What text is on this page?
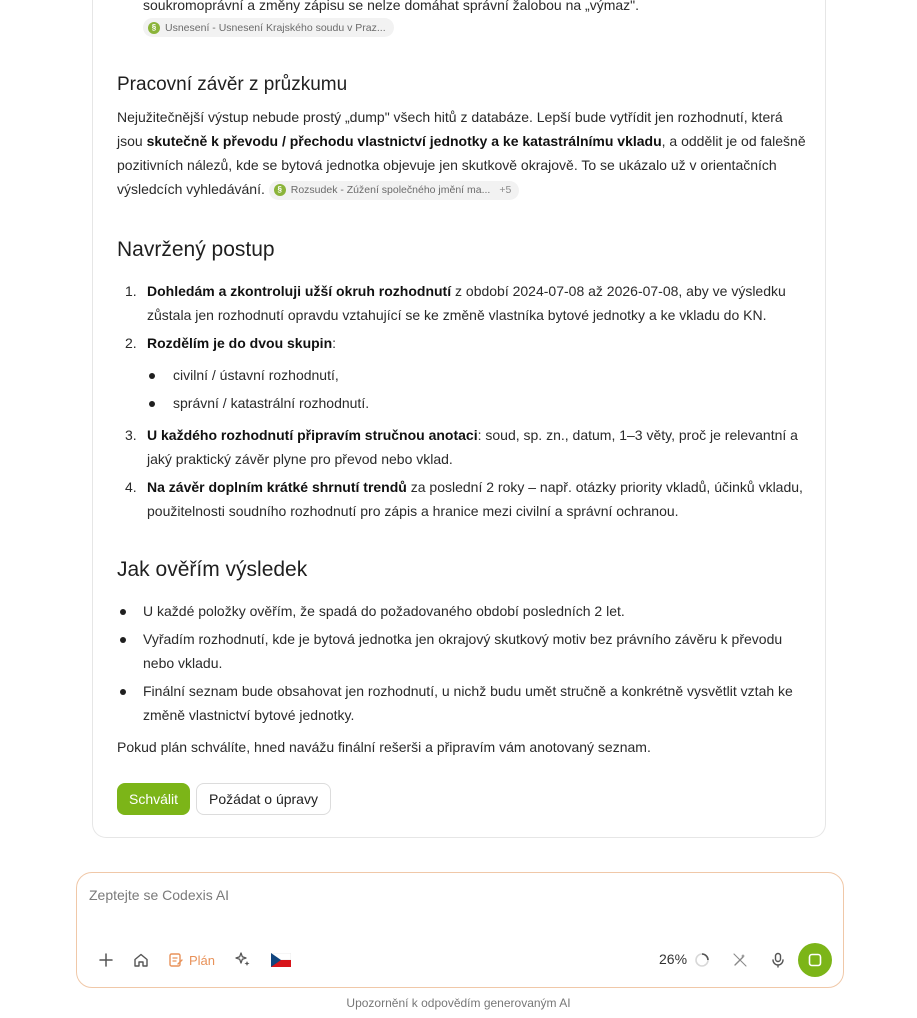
soukromoprávní a změny zápisu se nelze domáhat správní žalobou na „výmaz".
§ Usnesení - Usnesení Krajského soudu v Praz...
Pracovní závěr z průzkumu

Nejužitečnější výstup nebude prostý „dump" všech hitů z databáze. Lepší bude vytřídit jen rozhodnutí, která jsou skutečně k převodu / přechodu vlastnictví jednotky a ke katastrálnímu vkladu, a oddělit je od falešně pozitivních nálezů, kde se bytová jednotka objevuje jen skutkově okrajově. To se ukázalo už v orientačních výsledcích vyhledávání.	§ Rozsudek - Zúžení společného jmění ma... +5

Navržený postup
1. Dohledám a zkontroluji užší okruh rozhodnutí z období 2024-07-08 až 2026-07-08, aby ve výsledku zůstala jen rozhodnutí opravdu vztahující se ke změně vlastníka bytové jednotky a ke vkladu do KN.
2. Rozdělím je do dvou skupin:
civilní / ústavní rozhodnutí,
správní / katastrální rozhodnutí.
3. U každého rozhodnutí připravím stručnou anotaci: soud, sp. zn., datum, 1–3 věty, proč je relevantní a jaký praktický závěr plyne pro převod nebo vklad.
4. Na závěr doplním krátké shrnutí trendů za poslední 2 roky – např. otázky priority vkladů, účinků vkladu, použitelnosti soudního rozhodnutí pro zápis a hranice mezi civilní a správní ochranou.
Jak ověřím výsledek
U každé položky ověřím, že spadá do požadovaného období posledních 2 let.
Vyřadím rozhodnutí, kde je bytová jednotka jen okrajový skutkový motiv bez právního závěru k převodu nebo vkladu.
Finální seznam bude obsahovat jen rozhodnutí, u nichž budu umět stručně a konkrétně vysvětlit vztah ke změně vlastnictví bytové jednotky.

Pokud plán schválíte, hned navážu finální rešerši a připravím vám anotovaný seznam.

Schválit	Požádat o úpravy
Zeptejte se Codexis AI
Plán	26%
Upozornění k odpovědím generovaným AI
